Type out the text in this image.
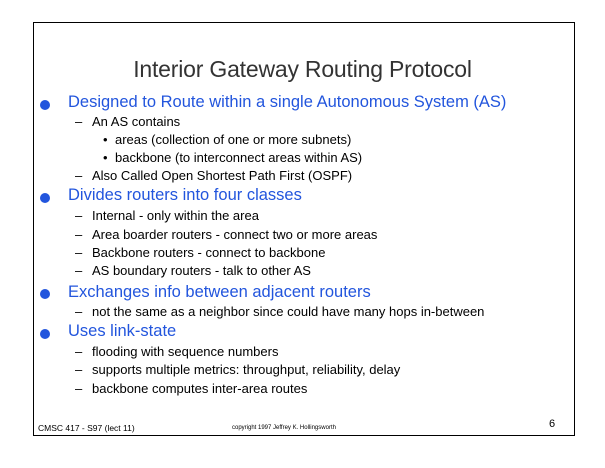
Interior Gateway Routing Protocol
Designed to Route within a single Autonomous System (AS)
– An AS contains
• areas (collection of one or more subnets)
• backbone (to interconnect areas within AS)
– Also Called Open Shortest Path First (OSPF)
Divides routers into four classes
– Internal - only within the area
– Area boarder routers - connect two or more areas
– Backbone routers - connect to backbone
– AS boundary routers - talk to other AS
Exchanges info between adjacent routers
– not the same as a neighbor since could have many hops in-between
Uses link-state
– flooding with sequence numbers
– supports multiple metrics: throughput, reliability, delay
– backbone computes inter-area routes
CMSC 417 - S97 (lect 11)	copyright 1997 Jeffrey K. Hollingsworth	6
